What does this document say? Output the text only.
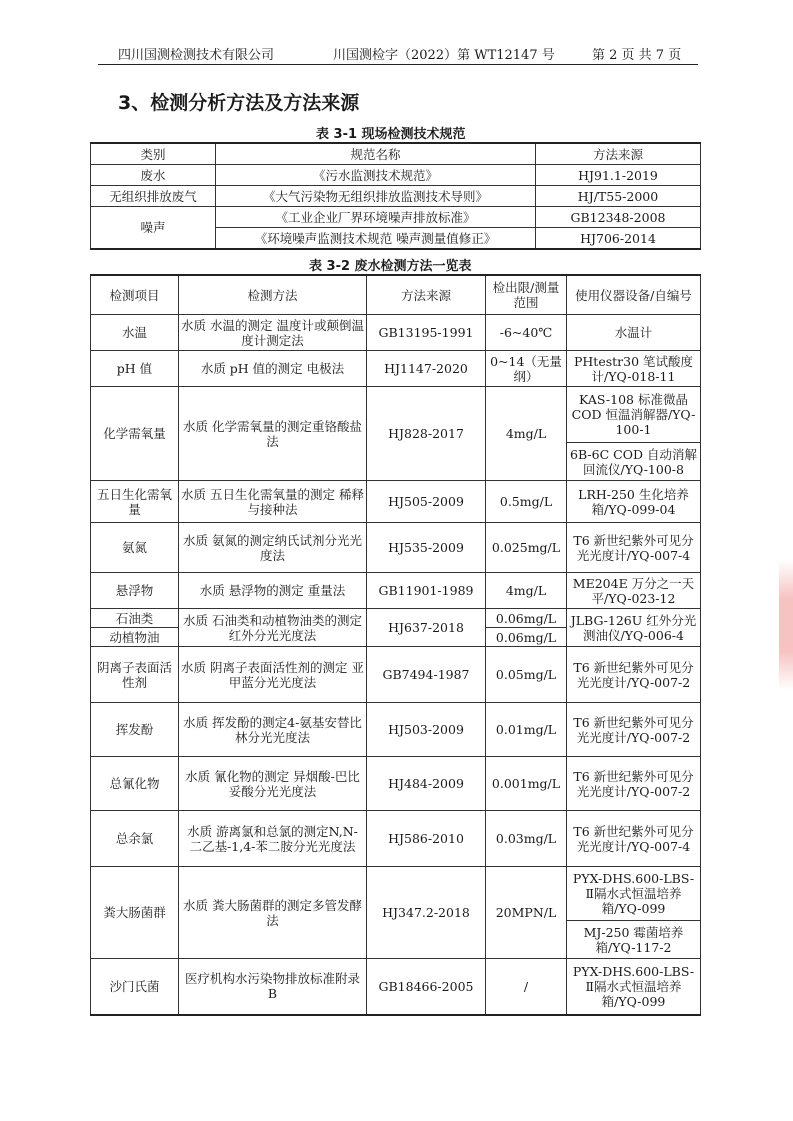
四川国测检测技术有限公司	川国测检字（2022）第 WT12147 号	第 2 页 共 7 页
3、检测分析方法及方法来源
表 3-1 现场检测技术规范
类别	规范名称	方法来源
废水	《污水监测技术规范》	HJ91.1-2019
无组织排放废气	《大气污染物无组织排放监测技术导则》	HJ/T55-2000
噪声	《工业企业厂界环境噪声排放标准》	GB12348-2008
	《环境噪声监测技术规范 噪声测量值修正》	HJ706-2014
表 3-2 废水检测方法一览表
检测项目	检测方法	方法来源	检出限/测量范围	使用仪器设备/自编号
水温	水质 水温的测定 温度计或颠倒温度计测定法	GB13195-1991	-6~40℃	水温计
pH 值	水质 pH 值的测定 电极法	HJ1147-2020	0~14（无量纲）	PHtestr30 笔试酸度计/YQ-018-11
化学需氧量	水质 化学需氧量的测定重铬酸盐法	HJ828-2017	4mg/L	KAS-108 标准微晶COD 恒温消解器/YQ-100-1
				6B-6C COD 自动消解回流仪/YQ-100-8
五日生化需氧量	水质 五日生化需氧量的测定 稀释与接种法	HJ505-2009	0.5mg/L	LRH-250 生化培养箱/YQ-099-04
氨氮	水质 氨氮的测定纳氏试剂分光光度法	HJ535-2009	0.025mg/L	T6 新世纪紫外可见分光光度计/YQ-007-4
悬浮物	水质 悬浮物的测定 重量法	GB11901-1989	4mg/L	ME204E 万分之一天平/YQ-023-12
石油类	水质 石油类和动植物油类的测定 红外分光光度法	HJ637-2018	0.06mg/L	JLBG-126U 红外分光测油仪/YQ-006-4
动植物油			0.06mg/L	
阴离子表面活性剂	水质 阴离子表面活性剂的测定 亚甲蓝分光光度法	GB7494-1987	0.05mg/L	T6 新世纪紫外可见分光光度计/YQ-007-2
挥发酚	水质 挥发酚的测定4-氨基安替比林分光光度法	HJ503-2009	0.01mg/L	T6 新世纪紫外可见分光光度计/YQ-007-2
总氰化物	水质 氰化物的测定 异烟酸-巴比妥酸分光光度法	HJ484-2009	0.001mg/L	T6 新世纪紫外可见分光光度计/YQ-007-2
总余氯	水质 游离氯和总氯的测定N,N-二乙基-1,4-苯二胺分光光度法	HJ586-2010	0.03mg/L	T6 新世纪紫外可见分光光度计/YQ-007-4
粪大肠菌群	水质 粪大肠菌群的测定多管发酵法	HJ347.2-2018	20MPN/L	PYX-DHS.600-LBS-Ⅱ隔水式恒温培养箱/YQ-099
				MJ-250 霉菌培养箱/YQ-117-2
沙门氏菌	医疗机构水污染物排放标准附录 B	GB18466-2005	/	PYX-DHS.600-LBS-Ⅱ隔水式恒温培养箱/YQ-099
